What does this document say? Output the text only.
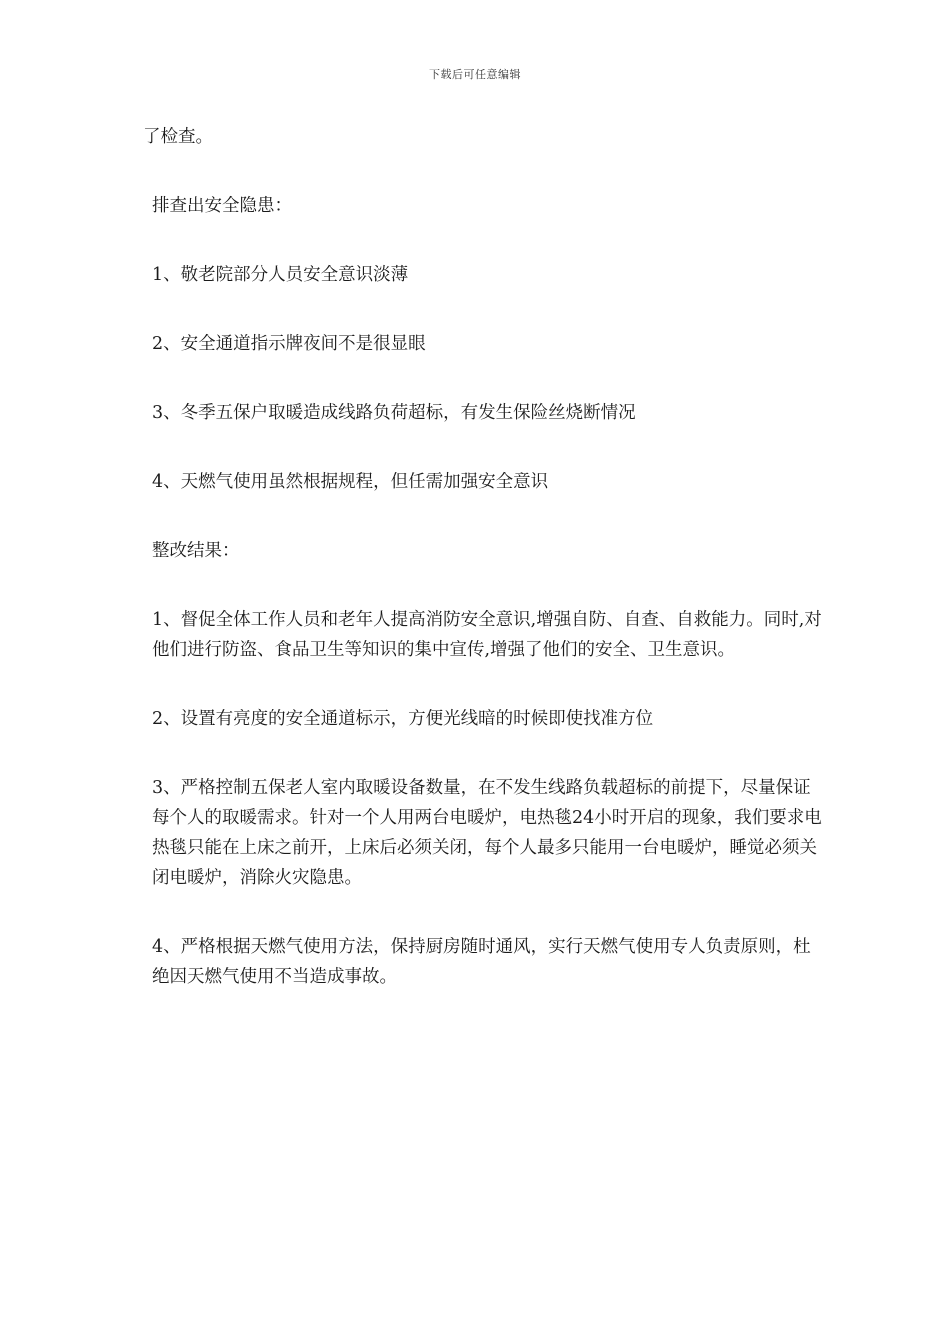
下载后可任意编辑

了检查。

排查出安全隐患：

1、敬老院部分人员安全意识淡薄

2、安全通道指示牌夜间不是很显眼

3、冬季五保户取暖造成线路负荷超标，有发生保险丝烧断情况

4、天燃气使用虽然根据规程，但任需加强安全意识

整改结果：

1、督促全体工作人员和老年人提高消防安全意识,增强自防、自查、自救能力。同时,对他们进行防盗、食品卫生等知识的集中宣传,增强了他们的安全、卫生意识。

2、设置有亮度的安全通道标示，方便光线暗的时候即使找准方位

3、严格控制五保老人室内取暖设备数量，在不发生线路负载超标的前提下，尽量保证每个人的取暖需求。针对一个人用两台电暖炉，电热毯24小时开启的现象，我们要求电热毯只能在上床之前开，上床后必须关闭，每个人最多只能用一台电暖炉，睡觉必须关闭电暖炉，消除火灾隐患。

4、严格根据天燃气使用方法，保持厨房随时通风，实行天燃气使用专人负责原则，杜绝因天燃气使用不当造成事故。
